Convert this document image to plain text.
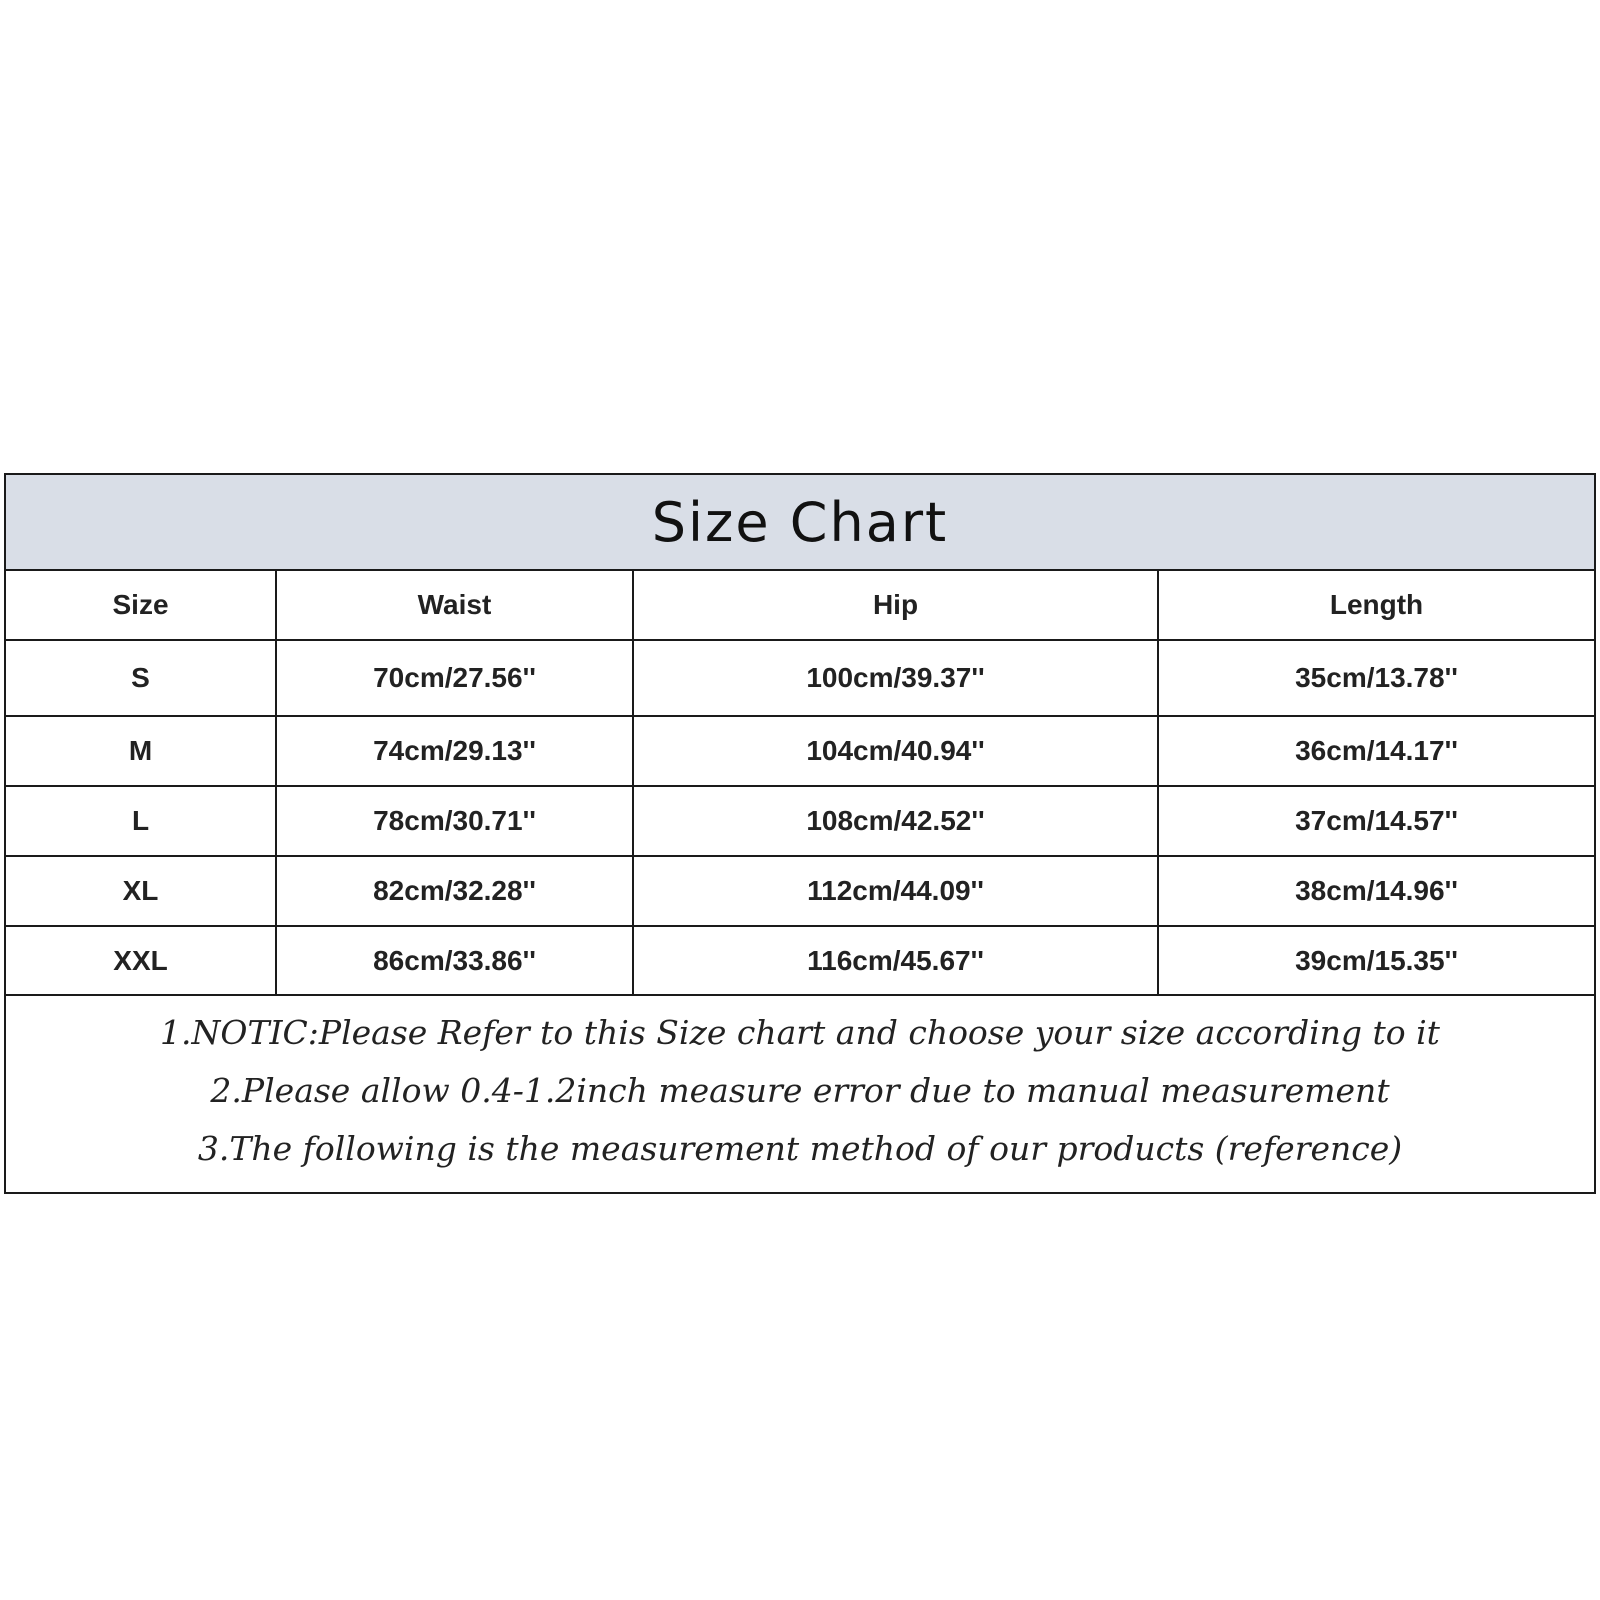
Size Chart
Size	Waist	Hip	Length
S	70cm/27.56''	100cm/39.37''	35cm/13.78''
M	74cm/29.13''	104cm/40.94''	36cm/14.17''
L	78cm/30.71''	108cm/42.52''	37cm/14.57''
XL	82cm/32.28''	112cm/44.09''	38cm/14.96''
XXL	86cm/33.86''	116cm/45.67''	39cm/15.35''

1.NOTIC:Please Refer to this Size chart and choose your size according to it

2.Please allow 0.4-1.2inch measure error due to manual measurement

3.The following is the measurement method of our products (reference)
